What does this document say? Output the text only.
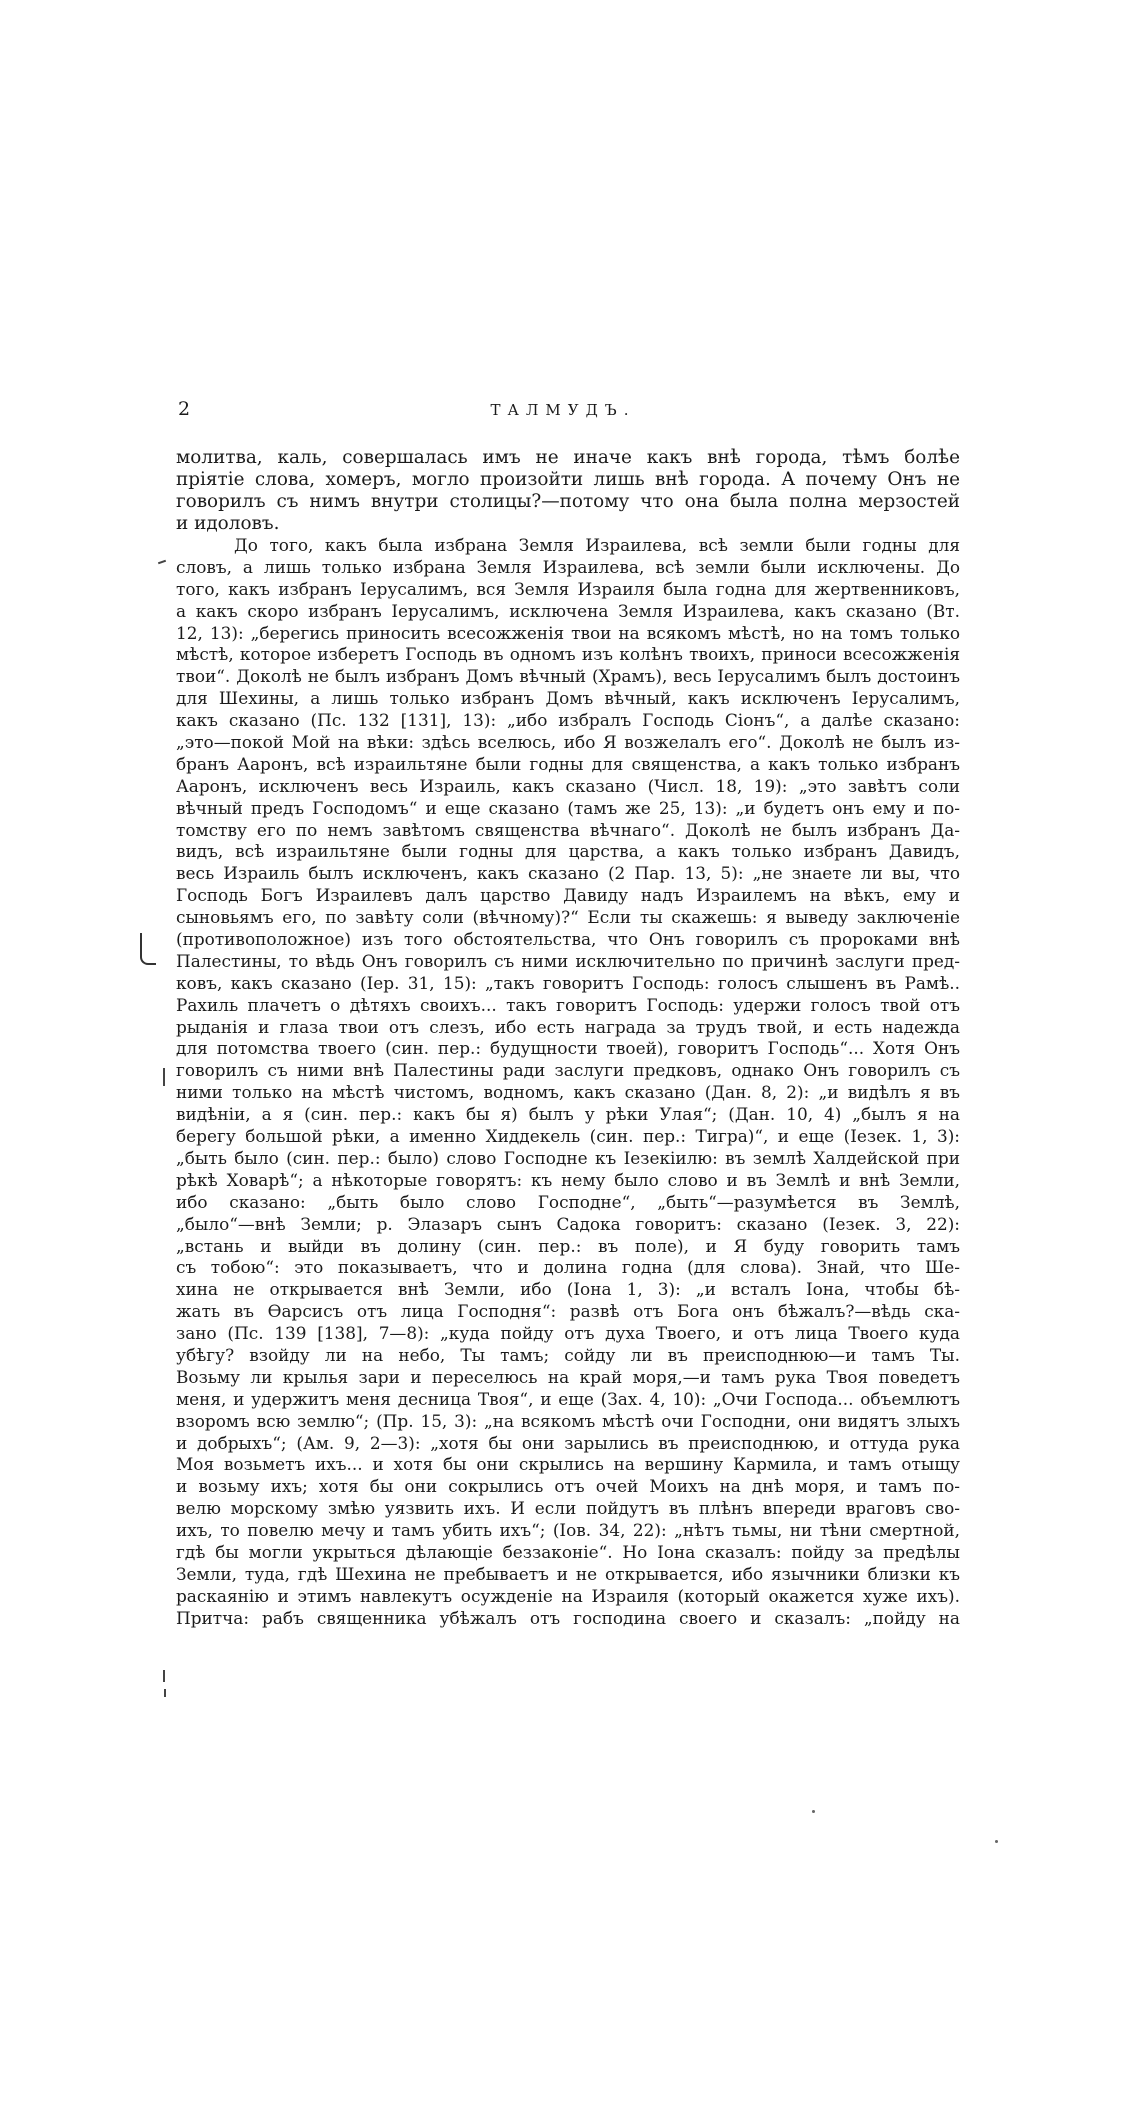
2	ТАЛМУДЪ.
молитва, каль, совершалась имъ не иначе какъ внѣ города, тѣмъ болѣе
пріятіе слова, хомеръ, могло произойти лишь внѣ города. А почему Онъ не
говорилъ съ нимъ внутри столицы?—потому что она была полна мерзостей
и идоловъ.
До того, какъ была избрана Земля Израилева, всѣ земли были годны для
словъ, а лишь только избрана Земля Израилева, всѣ земли были исключены. До
того, какъ избранъ Іерусалимъ, вся Земля Израиля была годна для жертвенниковъ,
а какъ скоро избранъ Іерусалимъ, исключена Земля Израилева, какъ сказано (Вт.
12, 13): „берегись приносить всесожженія твои на всякомъ мѣстѣ, но на томъ только
мѣстѣ, которое изберетъ Господь въ одномъ изъ колѣнъ твоихъ, приноси всесожженія
твои“. Доколѣ не былъ избранъ Домъ вѣчный (Храмъ), весь Іерусалимъ былъ достоинъ
для Шехины, а лишь только избранъ Домъ вѣчный, какъ исключенъ Іерусалимъ,
какъ сказано (Пс. 132 [131], 13): „ибо избралъ Господь Сіонъ“, а далѣе сказано:
„это—покой Мой на вѣки: здѣсь вселюсь, ибо Я возжелалъ его“. Доколѣ не былъ из-
бранъ Ааронъ, всѣ израильтяне были годны для священства, а какъ только избранъ
Ааронъ, исключенъ весь Израиль, какъ сказано (Числ. 18, 19): „это завѣтъ соли
вѣчный предъ Господомъ“ и еще сказано (тамъ же 25, 13): „и будетъ онъ ему и по-
томству его по немъ завѣтомъ священства вѣчнаго“. Доколѣ не былъ избранъ Да-
видъ, всѣ израильтяне были годны для царства, а какъ только избранъ Давидъ,
весь Израиль былъ исключенъ, какъ сказано (2 Пар. 13, 5): „не знаете ли вы, что
Господь Богъ Израилевъ далъ царство Давиду надъ Израилемъ на вѣкъ, ему и
сыновьямъ его, по завѣту соли (вѣчному)?“ Если ты скажешь: я выведу заключеніе
(противоположное) изъ того обстоятельства, что Онъ говорилъ съ пророками внѣ
Палестины, то вѣдь Онъ говорилъ съ ними исключительно по причинѣ заслуги пред-
ковъ, какъ сказано (Іер. 31, 15): „такъ говоритъ Господь: голосъ слышенъ въ Рамѣ..
Рахиль плачетъ о дѣтяхъ своихъ... такъ говоритъ Господь: удержи голосъ твой отъ
рыданія и глаза твои отъ слезъ, ибо есть награда за трудъ твой, и есть надежда
для потомства твоего (син. пер.: будущности твоей), говоритъ Господь“... Хотя Онъ
говорилъ съ ними внѣ Палестины ради заслуги предковъ, однако Онъ говорилъ съ
ними только на мѣстѣ чистомъ, водномъ, какъ сказано (Дан. 8, 2): „и видѣлъ я въ
видѣніи, а я (син. пер.: какъ бы я) былъ у рѣки Улая“; (Дан. 10, 4) „былъ я на
берегу большой рѣки, а именно Хиддекель (син. пер.: Тигра)“, и еще (Іезек. 1, 3):
„быть было (син. пер.: было) слово Господне къ Іезекіилю: въ землѣ Халдейской при
рѣкѣ Ховарѣ“; а нѣкоторые говорятъ: къ нему было слово и въ Землѣ и внѣ Земли,
ибо сказано: „быть было слово Господне“, „быть“—разумѣется въ Землѣ,
„было“—внѣ Земли; р. Элазаръ сынъ Садока говоритъ: сказано (Іезек. 3, 22):
„встань и выйди въ долину (син. пер.: въ поле), и Я буду говорить тамъ
съ тобою“: это показываетъ, что и долина годна (для слова). Знай, что Ше-
хина не открывается внѣ Земли, ибо (Іона 1, 3): „и всталъ Іона, чтобы бѣ-
жать въ Ѳарсисъ отъ лица Господня“: развѣ отъ Бога онъ бѣжалъ?—вѣдь ска-
зано (Пс. 139 [138], 7—8): „куда пойду отъ духа Твоего, и отъ лица Твоего куда
убѣгу? взойду ли на небо, Ты тамъ; сойду ли въ преисподнюю—и тамъ Ты.
Возьму ли крылья зари и переселюсь на край моря,—и тамъ рука Твоя поведетъ
меня, и удержитъ меня десница Твоя“, и еще (Зах. 4, 10): „Очи Господа... объемлютъ
взоромъ всю землю“; (Пр. 15, 3): „на всякомъ мѣстѣ очи Господни, они видятъ злыхъ
и добрыхъ“; (Ам. 9, 2—3): „хотя бы они зарылись въ преисподнюю, и оттуда рука
Моя возьметъ ихъ... и хотя бы они скрылись на вершину Кармила, и тамъ отыщу
и возьму ихъ; хотя бы они сокрылись отъ очей Моихъ на днѣ моря, и тамъ по-
велю морскому змѣю уязвить ихъ. И если пойдутъ въ плѣнъ впереди враговъ сво-
ихъ, то повелю мечу и тамъ убить ихъ“; (Іов. 34, 22): „нѣтъ тьмы, ни тѣни смертной,
гдѣ бы могли укрыться дѣлающіе беззаконіе“. Но Іона сказалъ: пойду за предѣлы
Земли, туда, гдѣ Шехина не пребываетъ и не открывается, ибо язычники близки къ
раскаянію и этимъ навлекутъ осужденіе на Израиля (который окажется хуже ихъ).
Притча: рабъ священника убѣжалъ отъ господина своего и сказалъ: „пойду на
